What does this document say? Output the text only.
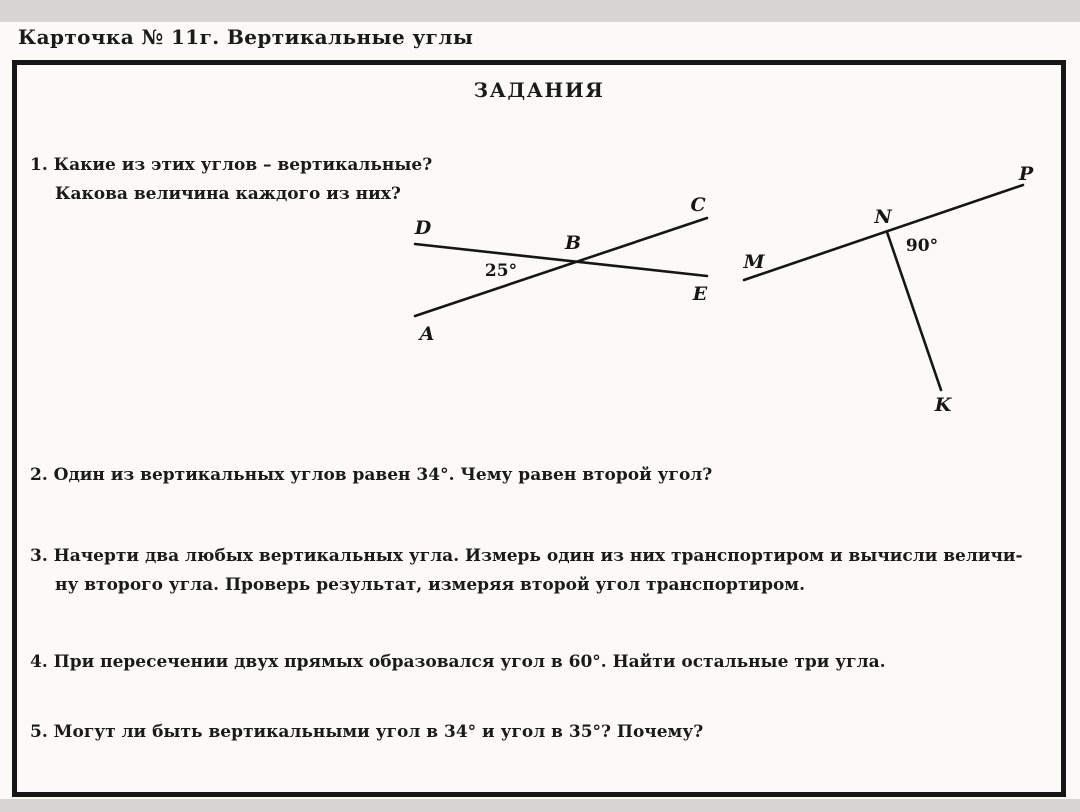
Карточка № 11г. Вертикальные углы
ЗАДАНИЯ
1. Какие из этих углов – вертикальные?
Какова величина каждого из них?
D
A
B
C
E
25°	M
N
P
K
90°
2. Один из вертикальных углов равен 34°. Чему равен второй угол?
3. Начерти два любых вертикальных угла. Измерь один из них транспортиром и вычисли величи-
ну второго угла. Проверь результат, измеряя второй угол транспортиром.
4. При пересечении двух прямых образовался угол в 60°. Найти остальные три угла.
5. Могут ли быть вертикальными угол в 34° и угол в 35°? Почему?
